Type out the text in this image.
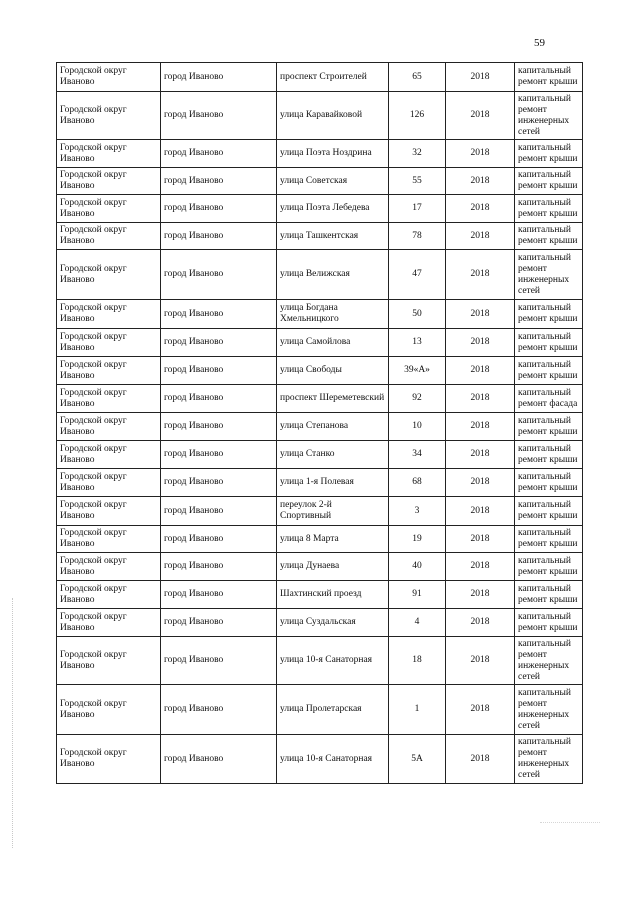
59
Городской округ Иваново	город Иваново	проспект Строителей	65	2018	капитальный ремонт крыши
Городской округ Иваново	город Иваново	улица Каравайковой	126	2018	капитальный ремонт инженерных сетей
Городской округ Иваново	город Иваново	улица Поэта Ноздрина	32	2018	капитальный ремонт крыши
Городской округ Иваново	город Иваново	улица Советская	55	2018	капитальный ремонт крыши
Городской округ Иваново	город Иваново	улица Поэта Лебедева	17	2018	капитальный ремонт крыши
Городской округ Иваново	город Иваново	улица Ташкентская	78	2018	капитальный ремонт крыши
Городской округ Иваново	город Иваново	улица Велижская	47	2018	капитальный ремонт инженерных сетей
Городской округ Иваново	город Иваново	улица Богдана Хмельницкого	50	2018	капитальный ремонт крыши
Городской округ Иваново	город Иваново	улица Самойлова	13	2018	капитальный ремонт крыши
Городской округ Иваново	город Иваново	улица Свободы	39«А»	2018	капитальный ремонт крыши
Городской округ Иваново	город Иваново	проспект Шереметевский	92	2018	капитальный ремонт фасада
Городской округ Иваново	город Иваново	улица Степанова	10	2018	капитальный ремонт крыши
Городской округ Иваново	город Иваново	улица Станко	34	2018	капитальный ремонт крыши
Городской округ Иваново	город Иваново	улица 1-я Полевая	68	2018	капитальный ремонт крыши
Городской округ Иваново	город Иваново	переулок 2-й Спортивный	3	2018	капитальный ремонт крыши
Городской округ Иваново	город Иваново	улица 8 Марта	19	2018	капитальный ремонт крыши
Городской округ Иваново	город Иваново	улица Дунаева	40	2018	капитальный ремонт крыши
Городской округ Иваново	город Иваново	Шахтинский проезд	91	2018	капитальный ремонт крыши
Городской округ Иваново	город Иваново	улица Суздальская	4	2018	капитальный ремонт крыши
Городской округ Иваново	город Иваново	улица 10-я Санаторная	18	2018	капитальный ремонт инженерных сетей
Городской округ Иваново	город Иваново	улица Пролетарская	1	2018	капитальный ремонт инженерных сетей
Городской округ Иваново	город Иваново	улица 10-я Санаторная	5А	2018	капитальный ремонт инженерных сетей
